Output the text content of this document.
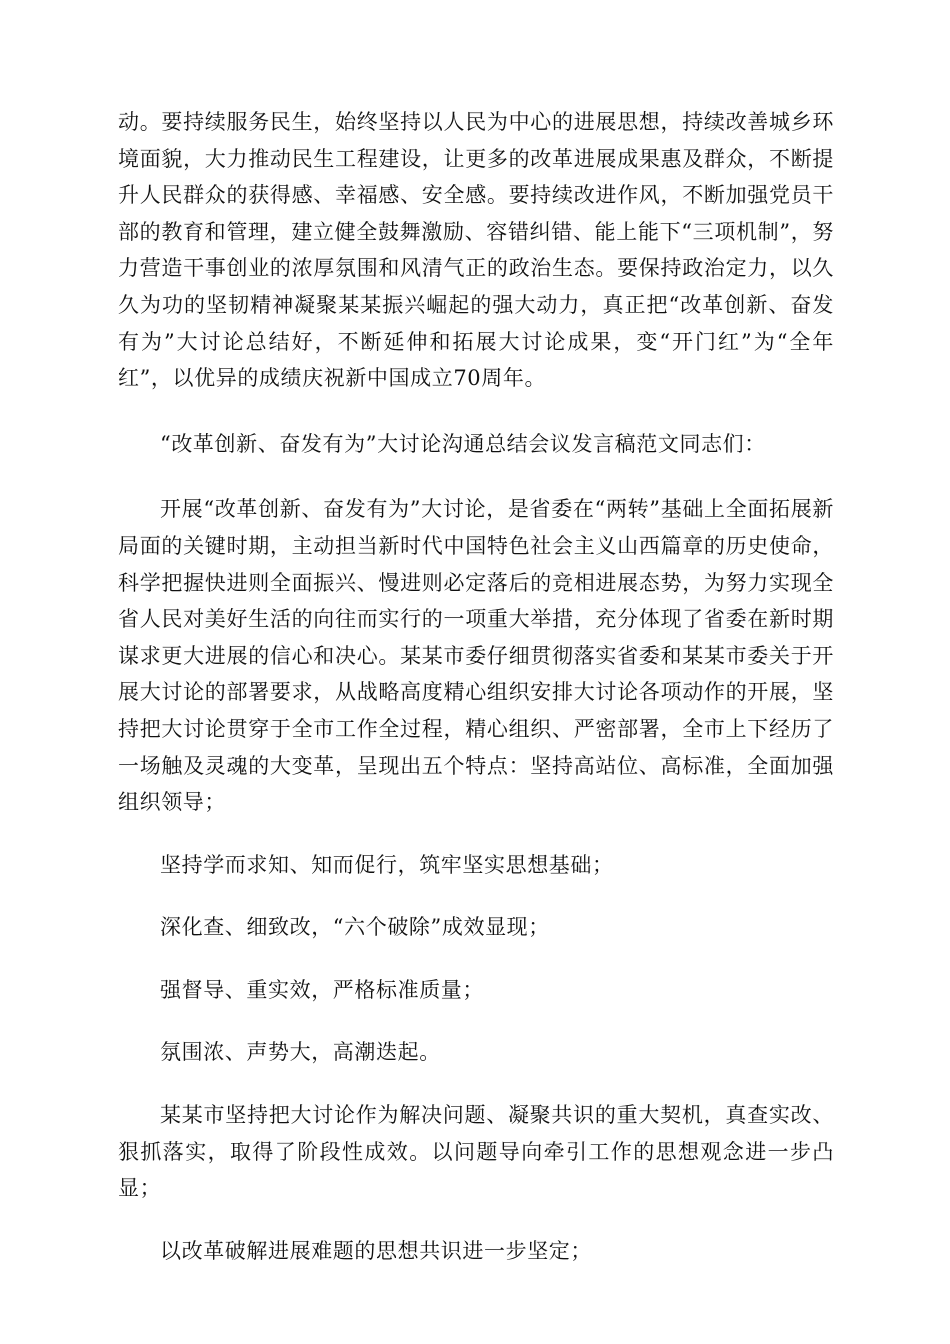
动。要持续服务民生，始终坚持以人民为中心的进展思想，持续改善城乡环境面貌，大力推动民生工程建设，让更多的改革进展成果惠及群众，不断提升人民群众的获得感、幸福感、安全感。要持续改进作风，不断加强党员干部的教育和管理，建立健全鼓舞激励、容错纠错、能上能下“三项机制”，努力营造干事创业的浓厚氛围和风清气正的政治生态。要保持政治定力，以久久为功的坚韧精神凝聚某某振兴崛起的强大动力，真正把“改革创新、奋发有为”大讨论总结好，不断延伸和拓展大讨论成果，变“开门红”为“全年红”，以优异的成绩庆祝新中国成立70周年。

“改革创新、奋发有为”大讨论沟通总结会议发言稿范文同志们：

开展“改革创新、奋发有为”大讨论，是省委在“两转”基础上全面拓展新局面的关键时期，主动担当新时代中国特色社会主义山西篇章的历史使命，科学把握快进则全面振兴、慢进则必定落后的竞相进展态势，为努力实现全省人民对美好生活的向往而实行的一项重大举措，充分体现了省委在新时期谋求更大进展的信心和决心。某某市委仔细贯彻落实省委和某某市委关于开展大讨论的部署要求，从战略高度精心组织安排大讨论各项动作的开展，坚持把大讨论贯穿于全市工作全过程，精心组织、严密部署，全市上下经历了一场触及灵魂的大变革，呈现出五个特点：坚持高站位、高标准，全面加强组织领导；

坚持学而求知、知而促行，筑牢坚实思想基础；

深化查、细致改，“六个破除”成效显现；

强督导、重实效，严格标准质量；

氛围浓、声势大，高潮迭起。

某某市坚持把大讨论作为解决问题、凝聚共识的重大契机，真查实改、狠抓落实，取得了阶段性成效。以问题导向牵引工作的思想观念进一步凸显；

以改革破解进展难题的思想共识进一步坚定；
